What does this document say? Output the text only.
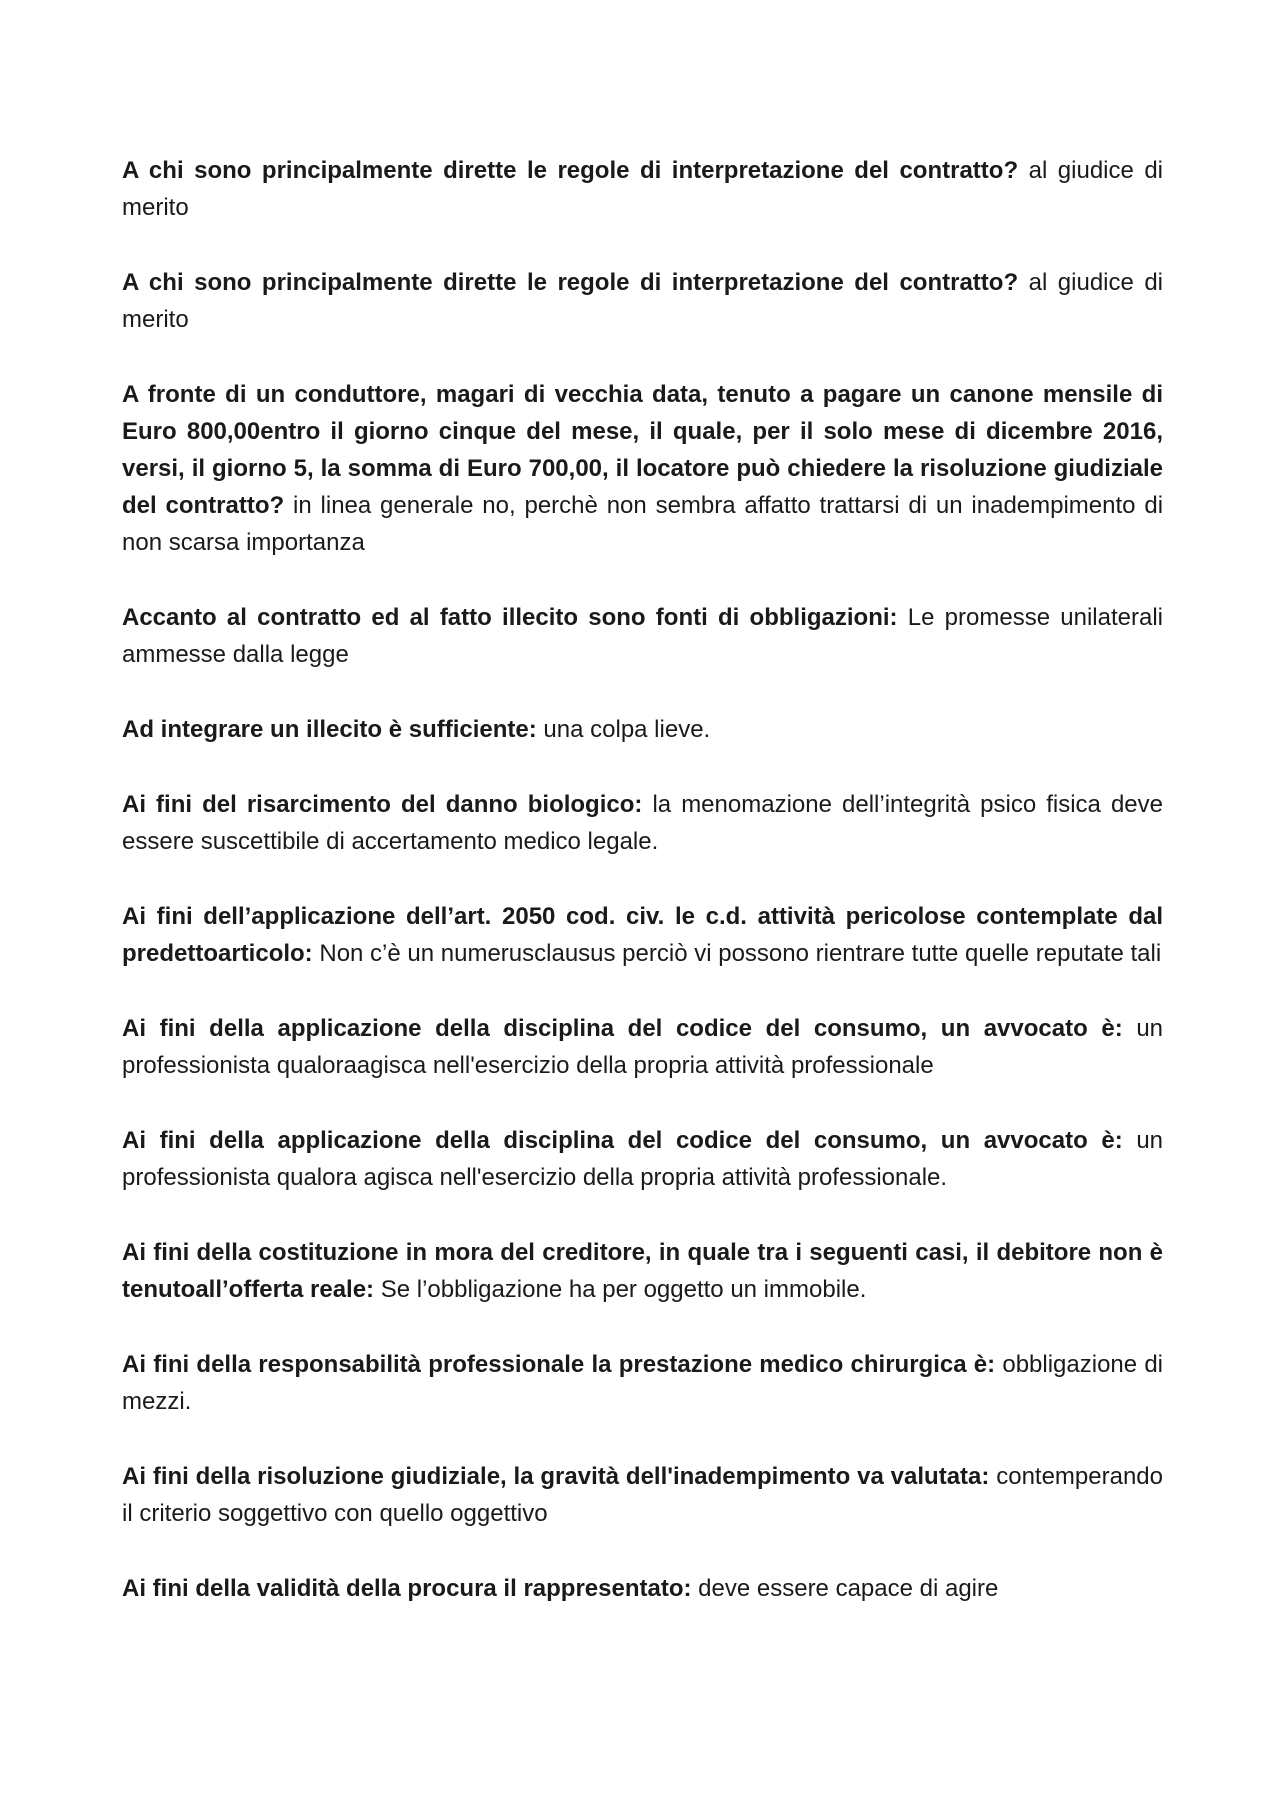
A chi sono principalmente dirette le regole di interpretazione del contratto? al giudice di merito

A chi sono principalmente dirette le regole di interpretazione del contratto? al giudice di merito

A fronte di un conduttore, magari di vecchia data, tenuto a pagare un canone mensile di Euro 800,00entro il giorno cinque del mese, il quale, per il solo mese di dicembre 2016, versi, il giorno 5, la somma di Euro 700,00, il locatore può chiedere la risoluzione giudiziale del contratto? in linea generale no, perchè non sembra affatto trattarsi di un inadempimento di non scarsa importanza

Accanto al contratto ed al fatto illecito sono fonti di obbligazioni: Le promesse unilaterali ammesse dalla legge

Ad integrare un illecito è sufficiente: una colpa lieve.

Ai fini del risarcimento del danno biologico: la menomazione dell’integrità psico fisica deve essere suscettibile di accertamento medico legale.

Ai fini dell’applicazione dell’art. 2050 cod. civ. le c.d. attività pericolose contemplate dal predettoarticolo: Non c’è un numerusclausus perciò vi possono rientrare tutte quelle reputate tali

Ai fini della applicazione della disciplina del codice del consumo, un avvocato è: un professionista qualoraagisca nell'esercizio della propria attività professionale

Ai fini della applicazione della disciplina del codice del consumo, un avvocato è: un professionista qualora agisca nell'esercizio della propria attività professionale.

Ai fini della costituzione in mora del creditore, in quale tra i seguenti casi, il debitore non è tenutoall’offerta reale: Se l’obbligazione ha per oggetto un immobile.

Ai fini della responsabilità professionale la prestazione medico chirurgica è: obbligazione di mezzi.

Ai fini della risoluzione giudiziale, la gravità dell'inadempimento va valutata: contemperando il criterio soggettivo con quello oggettivo

Ai fini della validità della procura il rappresentato: deve essere capace di agire
